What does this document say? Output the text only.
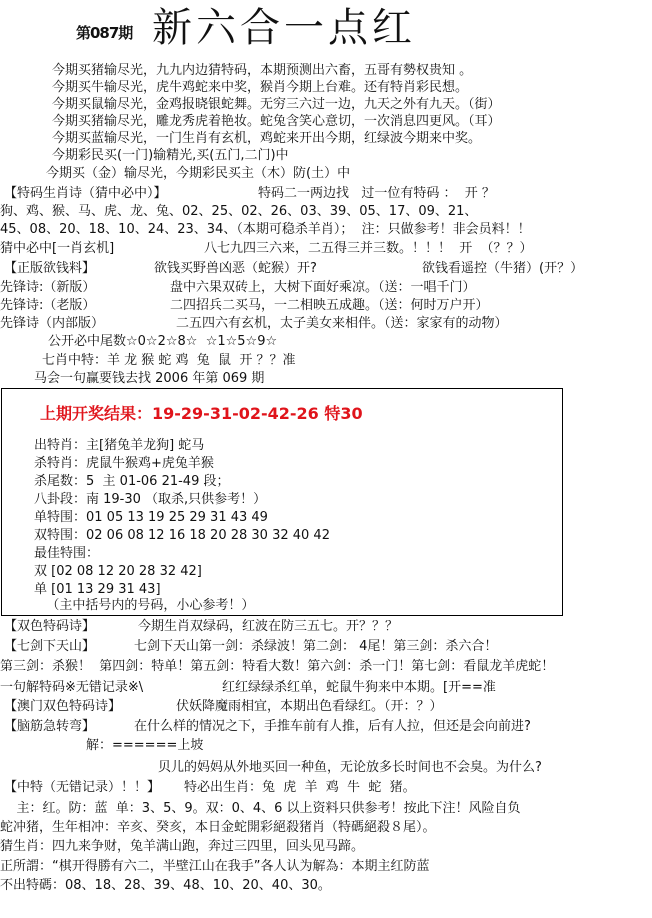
第087期 新六合一点红
今期买猪输尽光，九九内边猜特码，本期预测出六畜，五哥有勢权贵知 。
今期买牛输尽光，虎牛鸡蛇来中奖，猴肖今期上台难。还有特肖彩民想。
今期买鼠输尽光，金鸡报晓银蛇舞。无穷三六过一边，九天之外有九天。（街）
今期买猪输尽光，雕龙秀虎着艳妆。蛇兔含笑心意切，一次消息四更风。（耳）
今期买蓝输尽光，一门生肖有玄机，鸡蛇来开出今期，红绿波今期来中奖。
今期彩民买(一门)输精光,买(五门,二门)中
今期买（金）输尽光，今期彩民买主（木）防(土）中
【特码生肖诗（猜中必中）】	特码二一两边找   过一位有特码 ：  开 ？
狗、鸡、猴、马、虎、龙、兔、02、25、02、26、03、39、05、17、09、21、
45、08、20、18、10、24、23、34、（本期可稳杀羊肖）；  注：只做参考！非会员料！！
猜中必中[一肖玄机]	八七九四三六来，二五得三并三数。！！！  开  （？？）
【正版欲钱料】	欲钱买野兽凶恶（蛇猴）开?	欲钱看遥控（牛猪）(开？）
先锋诗:（新版）	盘中六果双砖上，大树下面好乘凉。（送：一唱千门）
先锋诗:（老版）	二四招兵二买马，一二相映五成趣。（送：何时万户开）
先锋诗（内部版）	二五四六有玄机，太子美女来相伴。（送：家家有的动物）
公开必中尾数☆0☆2☆8☆  ☆1☆5☆9☆
七肖中特：羊 龙 猴 蛇 鸡  兔  鼠  开 ？？准
马会一句赢要钱去找 2006 年第 069 期
上期开奖结果：19-29-31-02-42-26 特30
出特肖：主[猪兔羊龙狗] 蛇马
杀特肖：虎鼠牛猴鸡+虎兔羊猴
杀尾数：5  主 01-06 21-49 段；
八卦段：南 19-30 （取杀,只供参考！）
单特围：01 05 13 19 25 29 31 43 49
双特围：02 06 08 12 16 18 20 28 30 32 40 42
最佳特围：
双 [02 08 12 20 28 32 42]
单 [01 13 29 31 43]
（主中括号内的号码，小心参考！）
【双色特码诗】	今期生肖双绿码，红波在防三五七。开？？？
【七剑下天山】	七剑下天山第一剑：杀绿波！第二剑： 4尾！第三剑：杀六合！
第三剑：杀猴！  第四剑：特单！第五剑：特看大数！第六剑：杀一门！第七剑：看鼠龙羊虎蛇！
一句解特码※无错记录※\	红红绿绿杀红单，蛇鼠牛狗来中本期。[开==准
【澳门双色特码诗】	伏妖降魔雨相宜，本期出色看绿红。（开：？）
【脑筋急转弯】	在什么样的情况之下，手推车前有人推，后有人拉，但还是会向前进?
解：======上坡
贝儿的妈妈从外地买回一种鱼，无论放多长时间也不会臭。为什么?
【中特（无错记录）！！】 特必出生肖：兔  虎  羊  鸡  牛  蛇  猪。
主：红。防：蓝  单：3、5、9。双：0、4、6 以上资料只供参考！按此下注！风险自负
蛇冲猪，生年相冲：辛亥、癸亥，本日金蛇開彩絕殺猪肖（特碼絕殺８尾）。
猜生肖：四九来争财，兔羊满山跑，奔过三四里，回头见马蹄。
正所謂：“棋开得勝有六二，半壁江山在我手”各人认为解為：本期主红防蓝
不出特碼：08、18、28、39、48、10、20、40、30。
